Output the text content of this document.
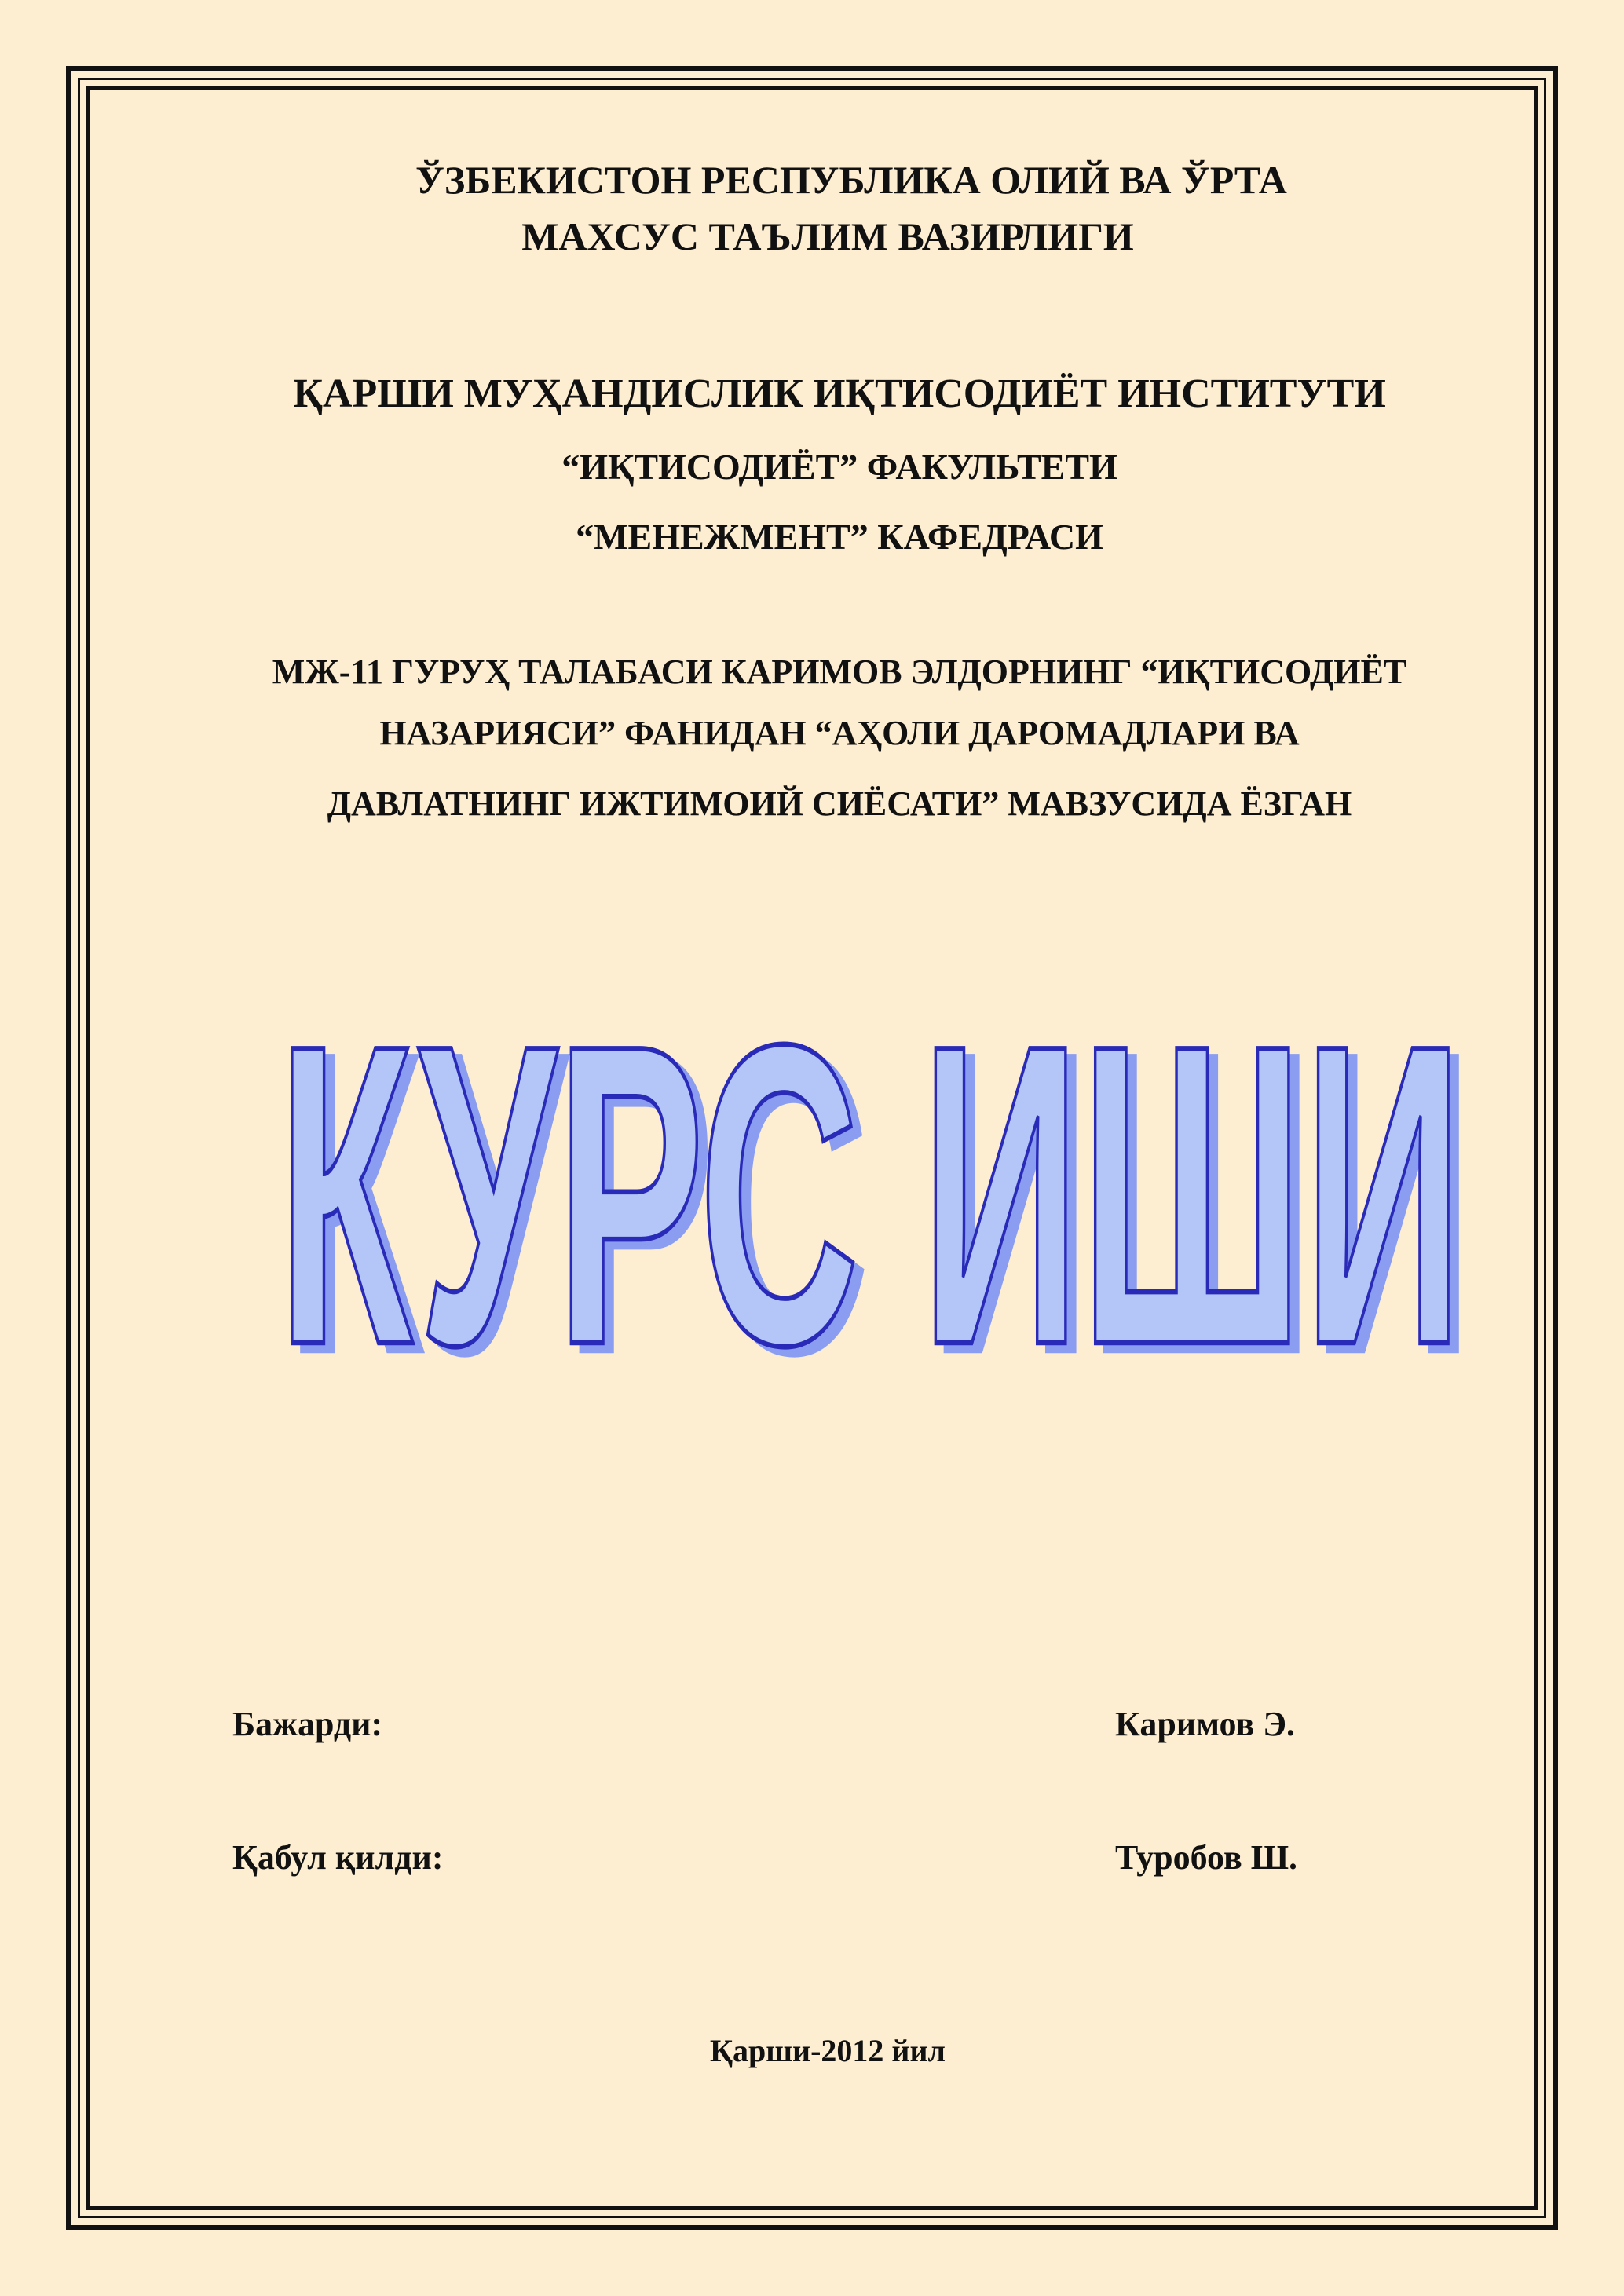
ЎЗБЕКИСТОН РЕСПУБЛИКА ОЛИЙ ВА ЎРТА
МАХСУС ТАЪЛИМ ВАЗИРЛИГИ
ҚАРШИ МУҲАНДИСЛИК ИҚТИСОДИЁТ ИНСТИТУТИ
“ИҚТИСОДИЁТ” ФАКУЛЬТЕТИ
“МЕНЕЖМЕНТ” КАФЕДРАСИ
МЖ-11 ГУРУҲ ТАЛАБАСИ КАРИМОВ ЭЛДОРНИНГ “ИҚТИСОДИЁТ
НАЗАРИЯСИ” ФАНИДАН “АҲОЛИ ДАРОМАДЛАРИ ВА
ДАВЛАТНИНГ ИЖТИМОИЙ СИЁСАТИ” МАВЗУСИДА ЁЗГАН
КУРС ИШИ
КУРС ИШИ
Бажарди:	Каримов Э.
Қабул қилди:	Туробов Ш.
Қарши-2012 йил
